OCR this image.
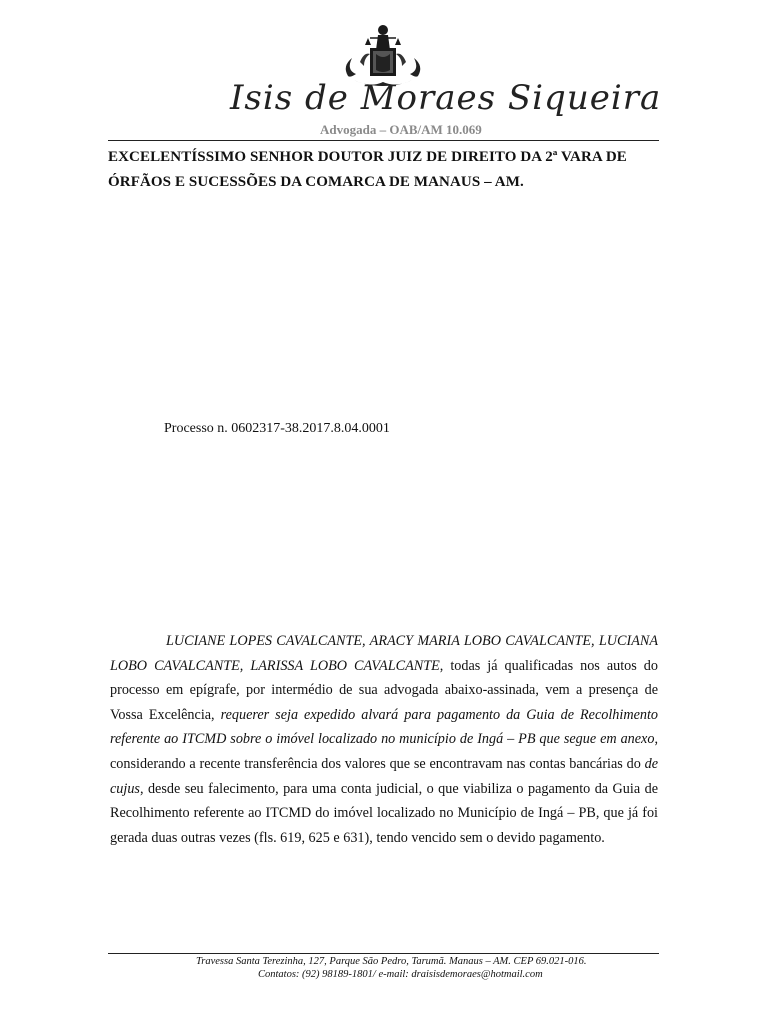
Isis de Moraes Siqueira
Advogada – OAB/AM 10.069
EXCELENTÍSSIMO SENHOR DOUTOR JUIZ DE DIREITO DA 2ª VARA DE
ÓRFÃOS E SUCESSÕES DA COMARCA DE MANAUS – AM.
Processo n. 0602317-38.2017.8.04.0001

LUCIANE LOPES CAVALCANTE, ARACY MARIA LOBO CAVALCANTE, LUCIANA LOBO CAVALCANTE, LARISSA LOBO CAVALCANTE, todas já qualificadas nos autos do processo em epígrafe, por intermédio de sua advogada abaixo-assinada, vem a presença de Vossa Excelência, requerer seja expedido alvará para pagamento da Guia de Recolhimento referente ao ITCMD sobre o imóvel localizado no município de Ingá – PB que segue em anexo, considerando a recente transferência dos valores que se encontravam nas contas bancárias do de cujus, desde seu falecimento, para uma conta judicial, o que viabiliza o pagamento da Guia de Recolhimento referente ao ITCMD do imóvel localizado no Município de Ingá – PB, que já foi gerada duas outras vezes (fls. 619, 625 e 631), tendo vencido sem o devido pagamento.

Travessa Santa Terezinha, 127, Parque São Pedro, Tarumã. Manaus – AM. CEP 69.021-016.
Contatos: (92) 98189-1801/ e-mail: draisisdemoraes@hotmail.com
